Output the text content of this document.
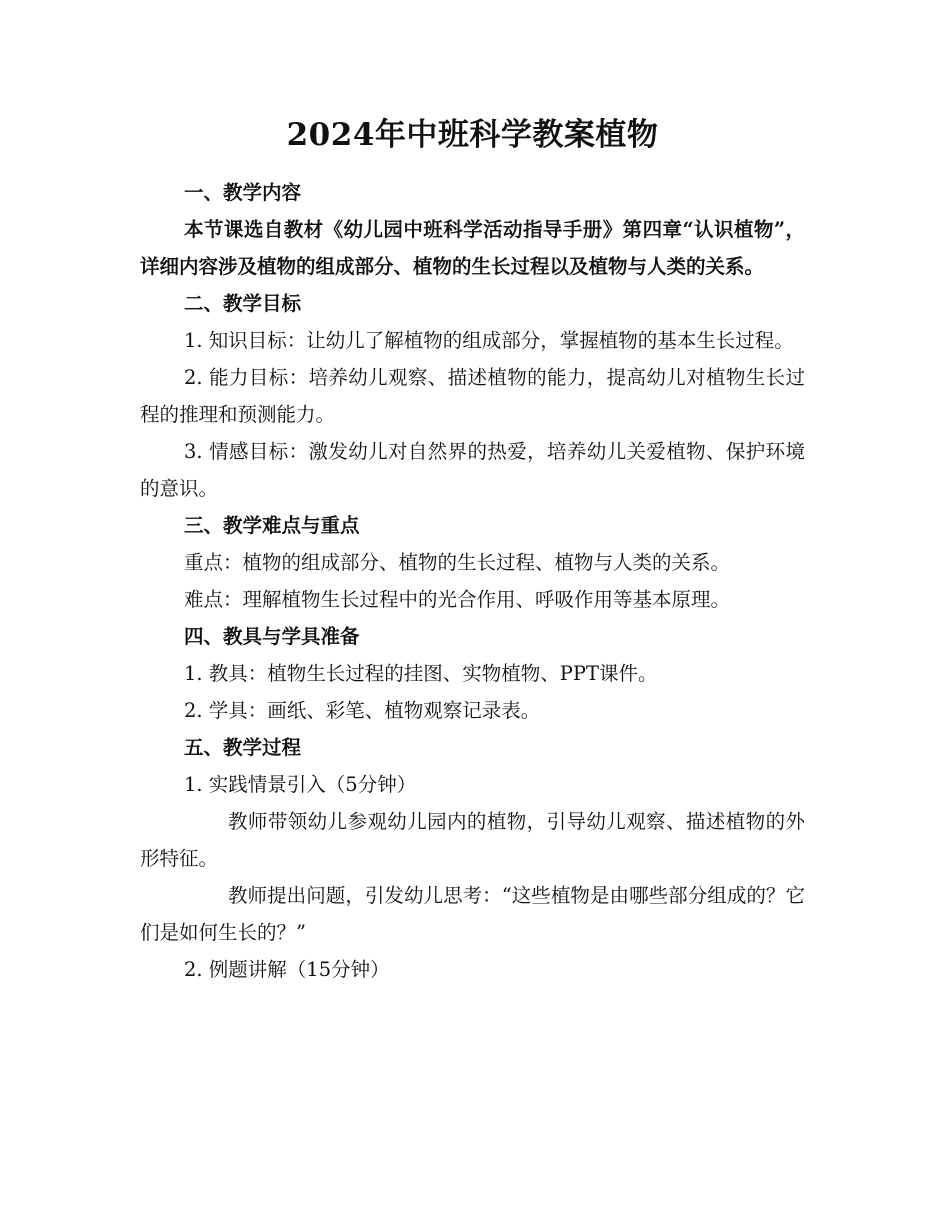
2024年中班科学教案植物

一、教学内容

本节课选自教材《幼儿园中班科学活动指导手册》第四章“认识植物”，详细内容涉及植物的组成部分、植物的生长过程以及植物与人类的关系。

二、教学目标

1. 知识目标：让幼儿了解植物的组成部分，掌握植物的基本生长过程。

2. 能力目标：培养幼儿观察、描述植物的能力，提高幼儿对植物生长过程的推理和预测能力。

3. 情感目标：激发幼儿对自然界的热爱，培养幼儿关爱植物、保护环境的意识。

三、教学难点与重点

重点：植物的组成部分、植物的生长过程、植物与人类的关系。

难点：理解植物生长过程中的光合作用、呼吸作用等基本原理。

四、教具与学具准备

1. 教具：植物生长过程的挂图、实物植物、PPT课件。

2. 学具：画纸、彩笔、植物观察记录表。

五、教学过程

1. 实践情景引入（5分钟）

教师带领幼儿参观幼儿园内的植物，引导幼儿观察、描述植物的外形特征。

教师提出问题，引发幼儿思考：“这些植物是由哪些部分组成的？它们是如何生长的？”

2. 例题讲解（15分钟）
